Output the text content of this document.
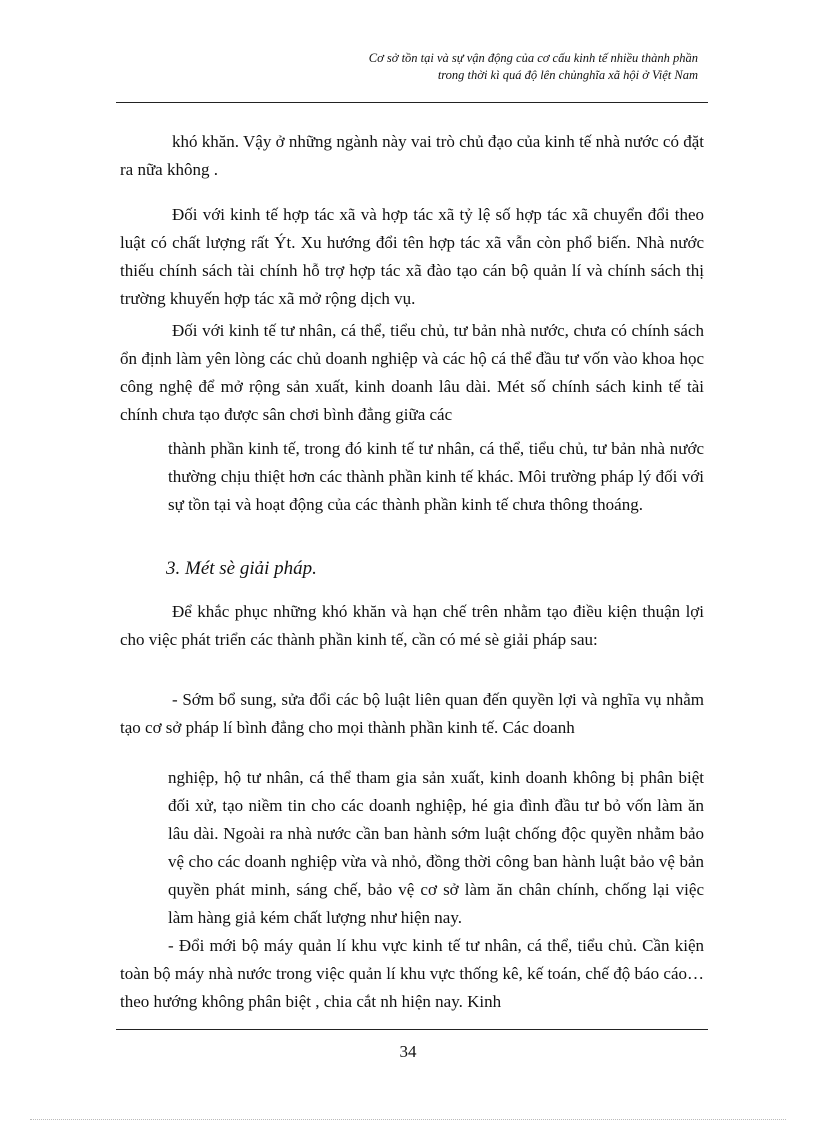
Cơ sở tồn tại và sự vận động của cơ cấu kinh tế nhiều thành phần
trong thời kì quá độ lên chủnghĩa xã hội ở Việt Nam
khó khăn. Vậy ở những ngành này vai trò chủ đạo của kinh tế nhà nước có đặt ra nữa không .
Đối với kinh tế hợp tác xã và hợp tác xã tỷ lệ số hợp tác xã chuyển đổi theo luật có chất lượng rất Ýt. Xu hướng đổi tên hợp tác xã vẫn còn phổ biến. Nhà nước thiếu chính sách tài chính hỗ trợ hợp tác xã đào tạo cán bộ quản lí và chính sách thị trường khuyến hợp tác xã mở rộng dịch vụ.
Đối với kinh tế tư nhân, cá thể, tiểu chủ, tư bản nhà nước, chưa có chính sách ổn định làm yên lòng các chủ doanh nghiệp và các hộ cá thể đầu tư vốn vào khoa học công nghệ để mở rộng sản xuất, kinh doanh lâu dài. Mét số chính sách kinh tế tài chính chưa tạo được sân chơi bình đẳng giữa các
thành phần kinh tế, trong đó kinh tế tư nhân, cá thể, tiểu chủ, tư bản nhà nước thường chịu thiệt hơn các thành phần kinh tế khác. Môi trường pháp lý đối với sự tồn tại và hoạt động của các thành phần kinh tế chưa thông thoáng.
3. Mét sè giải pháp.
Để khắc phục những khó khăn và hạn chế trên nhằm tạo điều kiện thuận lợi cho việc phát triển các thành phần kinh tế, cần có mé sè giải pháp sau:
- Sớm bổ sung, sửa đổi các bộ luật liên quan đến quyền lợi và nghĩa vụ nhằm tạo cơ sở pháp lí bình đẳng cho mọi thành phần kinh tế. Các doanh
nghiệp, hộ tư nhân, cá thể tham gia sản xuất, kinh doanh không bị phân biệt đối xử, tạo niềm tin cho các doanh nghiệp, hé gia đình đầu tư bỏ vốn làm ăn lâu dài. Ngoài ra nhà nước cần ban hành sớm luật chống độc quyền nhằm bảo vệ cho các doanh nghiệp vừa và nhỏ, đồng thời công ban hành luật bảo vệ bản quyền phát minh, sáng chế, bảo vệ cơ sở làm ăn chân chính, chống lại việc làm hàng giả kém chất lượng như hiện nay.
- Đổi mới bộ máy quản lí khu vực kinh tế tư nhân, cá thể, tiểu chủ. Cần kiện toàn bộ máy nhà nước trong việc quản lí khu vực thống kê, kế toán, chế độ báo cáo… theo hướng không phân biệt , chia cắt nh hiện nay. Kinh
34
